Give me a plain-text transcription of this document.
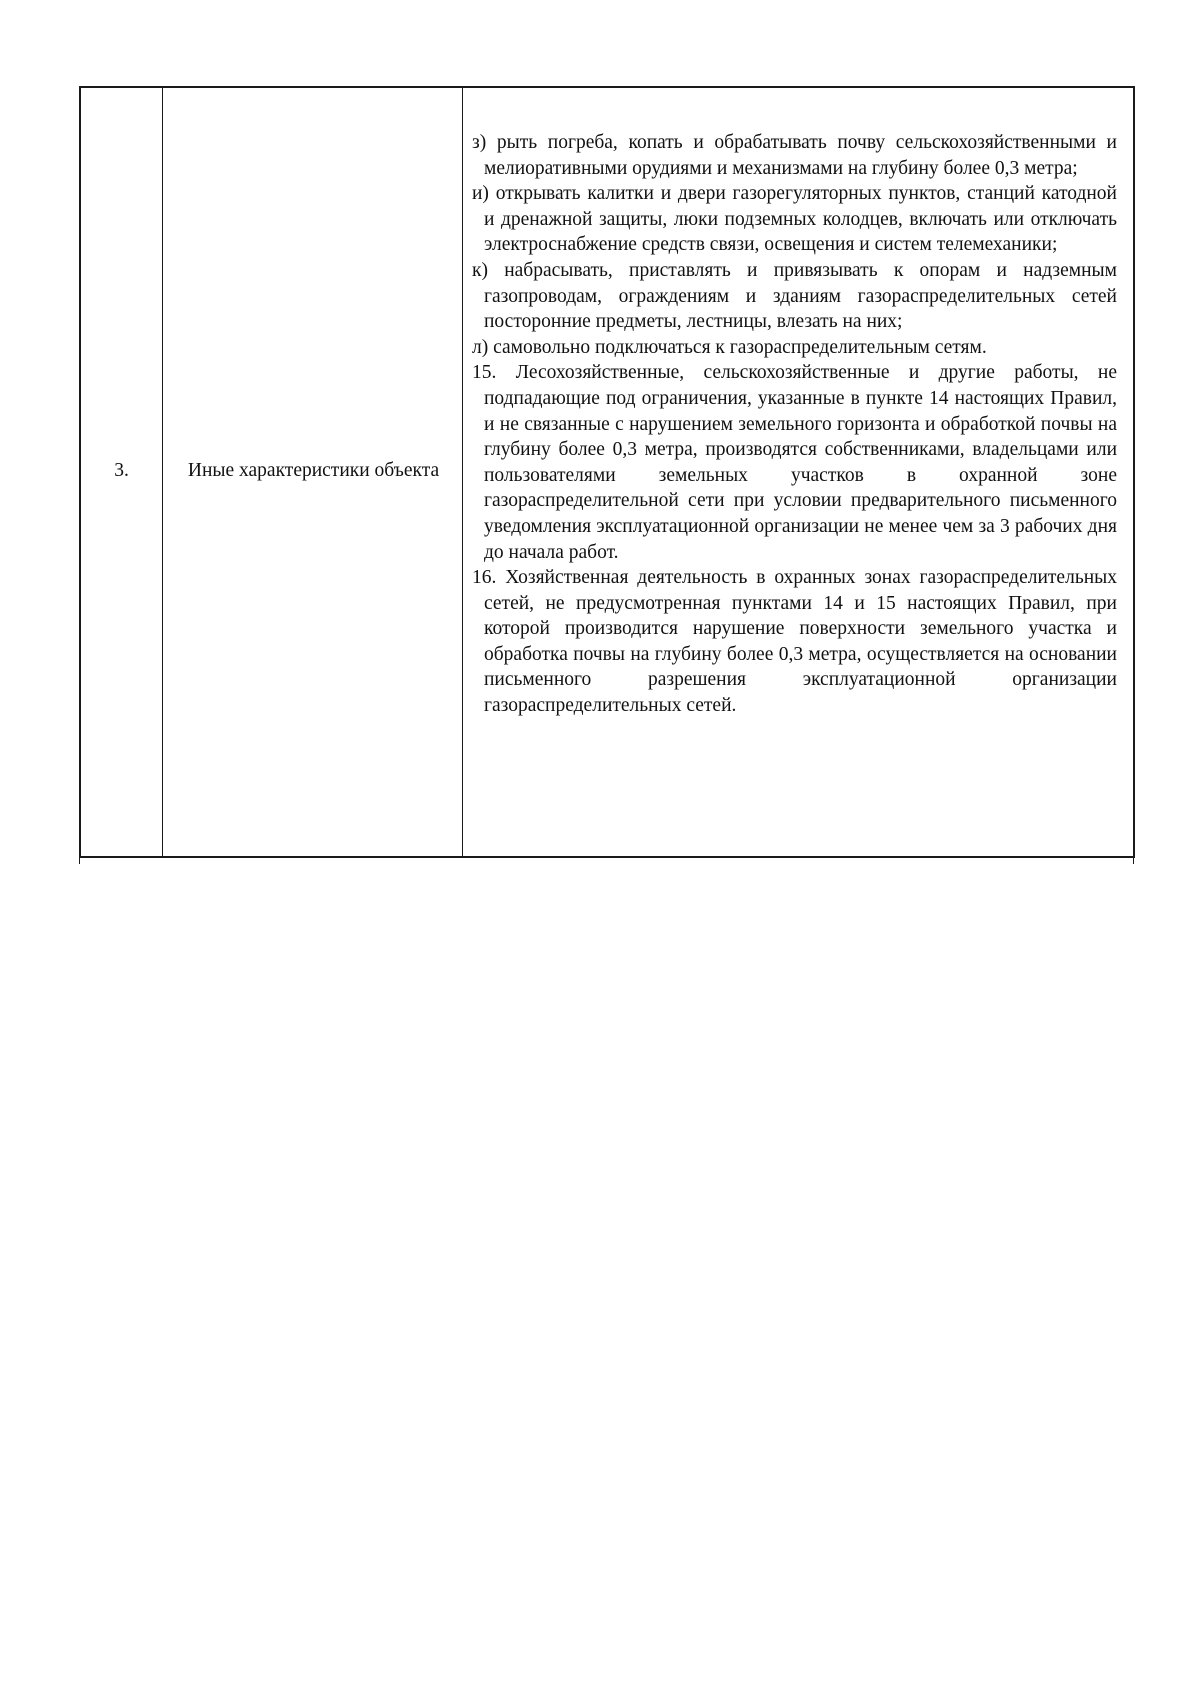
3.	Иные характеристики объекта

з) рыть погреба, копать и обрабатывать почву сельскохозяйственными и мелиоративными орудиями и механизмами на глубину более 0,3 метра;

и) открывать калитки и двери газорегуляторных пунктов, станций катодной и дренажной защиты, люки подземных колодцев, включать или отключать электроснабжение средств связи, освещения и систем телемеханики;

к) набрасывать, приставлять и привязывать к опорам и надземным газопроводам, ограждениям и зданиям газораспределительных сетей посторонние предметы, лестницы, влезать на них;

л) самовольно подключаться к газораспределительным сетям.

15. Лесохозяйственные, сельскохозяйственные и другие работы, не подпадающие под ограничения, указанные в пункте 14 настоящих Правил, и не связанные с нарушением земельного горизонта и обработкой почвы на глубину более 0,3 метра, производятся собственниками, владельцами или пользователями земельных участков в охранной зоне газораспределительной сети при условии предварительного письменного уведомления эксплуатационной организации не менее чем за 3 рабочих дня до начала работ.

16. Хозяйственная деятельность в охранных зонах газораспределительных сетей, не предусмотренная пунктами 14 и 15 настоящих Правил, при которой производится нарушение поверхности земельного участка и обработка почвы на глубину более 0,3 метра, осуществляется на основании письменного разрешения эксплуатационной организации газораспределительных сетей.
